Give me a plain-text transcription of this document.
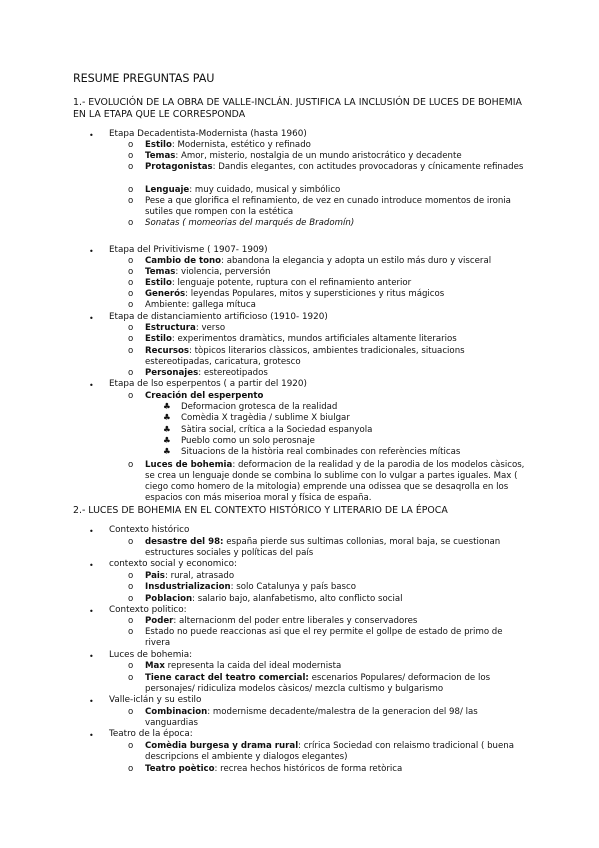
RESUME PREGUNTAS PAU
1.- EVOLUCIÓN DE LA OBRA DE VALLE-INCLÁN. JUSTIFICA LA INCLUSIÓN DE LUCES DE BOHEMIA EN LA ETAPA QUE LE CORRESPONDA
• Etapa Decadentista-Modernista (hasta 1960)
o Estilo: Modernista, estético y refinado
o Temas: Amor, misterio, nostalgia de un mundo aristocrático y decadente
o Protagonistas: Dandis elegantes, con actitudes provocadoras y cínicamente refinades
o Lenguaje: muy cuidado, musical y simbólico
o Pese a que glorifica el refinamiento, de vez en cunado introduce momentos de ironia sutiles que rompen con la estética
o Sonatas ( momeorias del marqués de Bradomín)
• Etapa del Privitivisme ( 1907- 1909)
o Cambio de tono: abandona la elegancia y adopta un estilo más duro y visceral
o Temas: violencia, perversión
o Estilo: lenguaje potente, ruptura con el refinamiento anterior
o Generós: leyendas Populares, mitos y supersticiones y ritus mágicos
o Ambiente: gallega mítuca
• Etapa de distanciamiento artificioso (1910- 1920)
o Estructura: verso
o Estilo: experimentos dramàtics, mundos artificiales altamente literarios
o Recursos: tòpicos literarios clàssicos, ambientes tradicionales, situacions estereotipadas, caricatura, grotesco
o Personajes: estereotipados
• Etapa de lso esperpentos ( a partir del 1920)
o Creación del esperpento
♣ Deformacion grotesca de la realidad
♣ Comèdia X tragèdia / sublime X biulgar
♣ Sàtira social, crítica a la Sociedad espanyola
♣ Pueblo como un solo perosnaje
♣ Situacions de la història real combinades con referències míticas
o Luces de bohemia: deformacion de la realidad y de la parodia de los modelos càsicos, se crea un lenguaje donde se combina lo sublime con lo vulgar a partes iguales. Max ( ciego como homero de la mitologia) emprende una odissea que se desaqrolla en los espacios con más miserioa moral y física de españa.
2.- LUCES DE BOHEMIA EN EL CONTEXTO HISTÓRICO Y LITERARIO DE LA ÉPOCA
• Contexto histórico
o desastre del 98: españa pierde sus sultimas collonias, moral baja, se cuestionan estructures sociales y políticas del país
• contexto social y economico:
o Pais: rural, atrasado
o Insdustrializacion: solo Catalunya y país basco
o Poblacion: salario bajo, alanfabetismo, alto conflicto social
• Contexto politico:
o Poder: alternacionm del poder entre liberales y conservadores
o Estado no puede reaccionas asi que el rey permite el gollpe de estado de primo de rivera
• Luces de bohemia:
o Max representa la caida del ideal modernista
o Tiene caract del teatro comercial: escenarios Populares/ deformacion de los personajes/ ridiculiza modelos càsicos/ mezcla cultismo y bulgarismo
• Valle-iclán y su estilo
o Combinacion: modernisme decadente/malestra de la generacion del 98/ las vanguardias
• Teatro de la época:
o Comèdia burgesa y drama rural: crírica Sociedad con relaismo tradicional ( buena descripcions el ambiente y dialogos elegantes)
o Teatro poètico: recrea hechos históricos de forma retòrica
